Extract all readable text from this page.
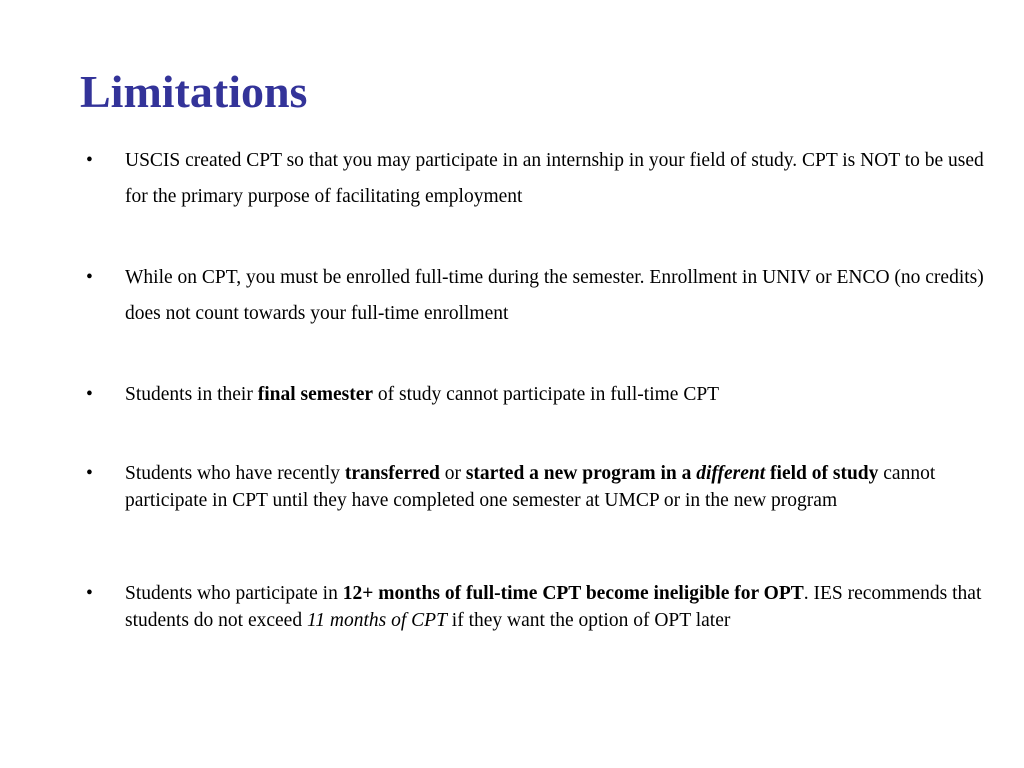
Limitations
• USCIS created CPT so that you may participate in an internship in your field of study. CPT is NOT to be used for the primary purpose of facilitating employment
• While on CPT, you must be enrolled full-time during the semester. Enrollment in UNIV or ENCO (no credits) does not count towards your full-time enrollment
• Students in their final semester of study cannot participate in full-time CPT
• Students who have recently transferred or started a new program in a different field of study cannot participate in CPT until they have completed one semester at UMCP or in the new program
• Students who participate in 12+ months of full-time CPT become ineligible for OPT. IES recommends that students do not exceed 11 months of CPT if they want the option of OPT later
